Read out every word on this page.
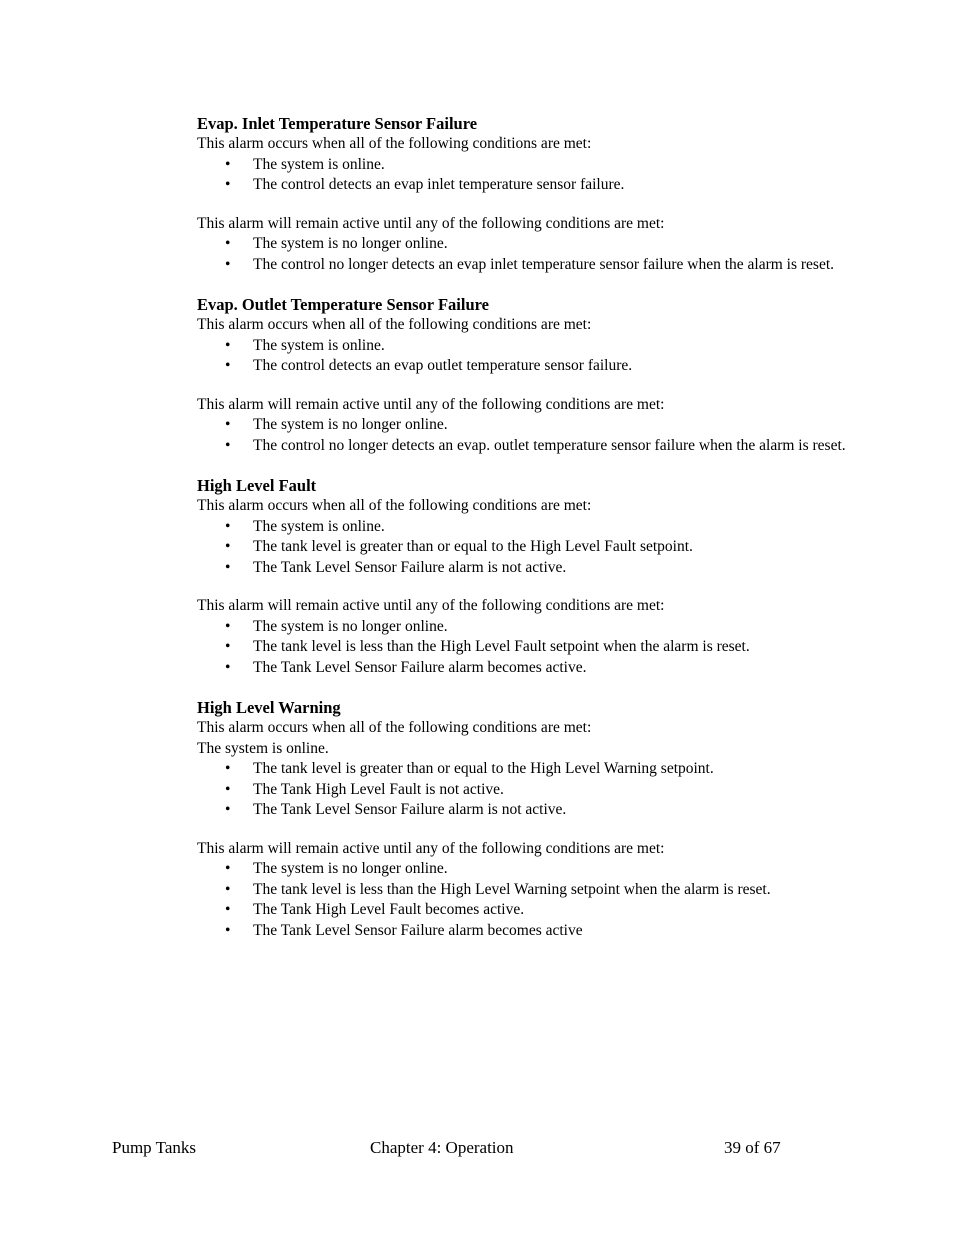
Evap. Inlet Temperature Sensor Failure

This alarm occurs when all of the following conditions are met:

• The system is online.
• The control detects an evap inlet temperature sensor failure.

This alarm will remain active until any of the following conditions are met:

• The system is no longer online.
• The control no longer detects an evap inlet temperature sensor failure when the alarm is reset.

Evap. Outlet Temperature Sensor Failure

This alarm occurs when all of the following conditions are met:

• The system is online.
• The control detects an evap outlet temperature sensor failure.

This alarm will remain active until any of the following conditions are met:

• The system is no longer online.
• The control no longer detects an evap. outlet temperature sensor failure when the alarm is reset.

High Level Fault

This alarm occurs when all of the following conditions are met:

• The system is online.
• The tank level is greater than or equal to the High Level Fault setpoint.
• The Tank Level Sensor Failure alarm is not active.

This alarm will remain active until any of the following conditions are met:

• The system is no longer online.
• The tank level is less than the High Level Fault setpoint when the alarm is reset.
• The Tank Level Sensor Failure alarm becomes active.

High Level Warning

This alarm occurs when all of the following conditions are met:

The system is online.

• The tank level is greater than or equal to the High Level Warning setpoint.
• The Tank High Level Fault is not active.
• The Tank Level Sensor Failure alarm is not active.

This alarm will remain active until any of the following conditions are met:

• The system is no longer online.
• The tank level is less than the High Level Warning setpoint when the alarm is reset.
• The Tank High Level Fault becomes active.
• The Tank Level Sensor Failure alarm becomes active
Pump Tanks	Chapter 4: Operation	39 of 67
